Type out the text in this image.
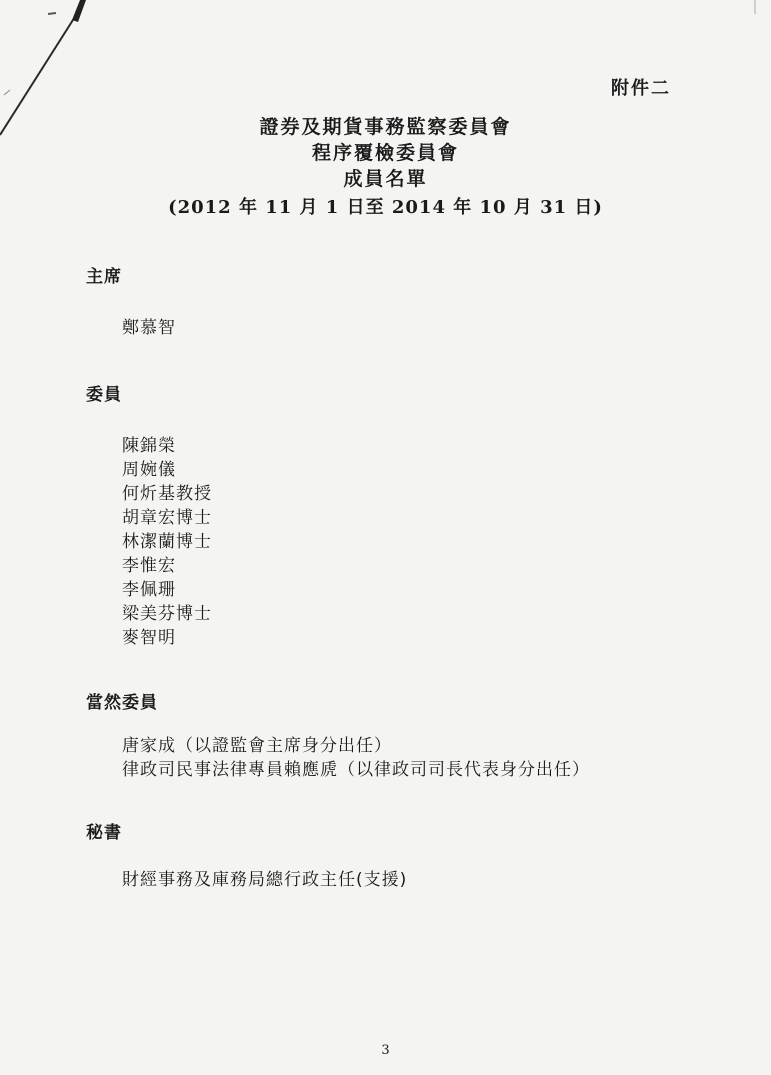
附件二
證券及期貨事務監察委員會
程序覆檢委員會
成員名單
(2012 年 11 月 1 日至 2014 年 10 月 31 日)
主席
鄭慕智
委員
陳錦榮
周婉儀
何炘基教授
胡章宏博士
林潔蘭博士
李惟宏
李佩珊
梁美芬博士
麥智明
當然委員
唐家成（以證監會主席身分出任）
律政司民事法律專員賴應虒（以律政司司長代表身分出任）
秘書
財經事務及庫務局總行政主任(支援)
3
